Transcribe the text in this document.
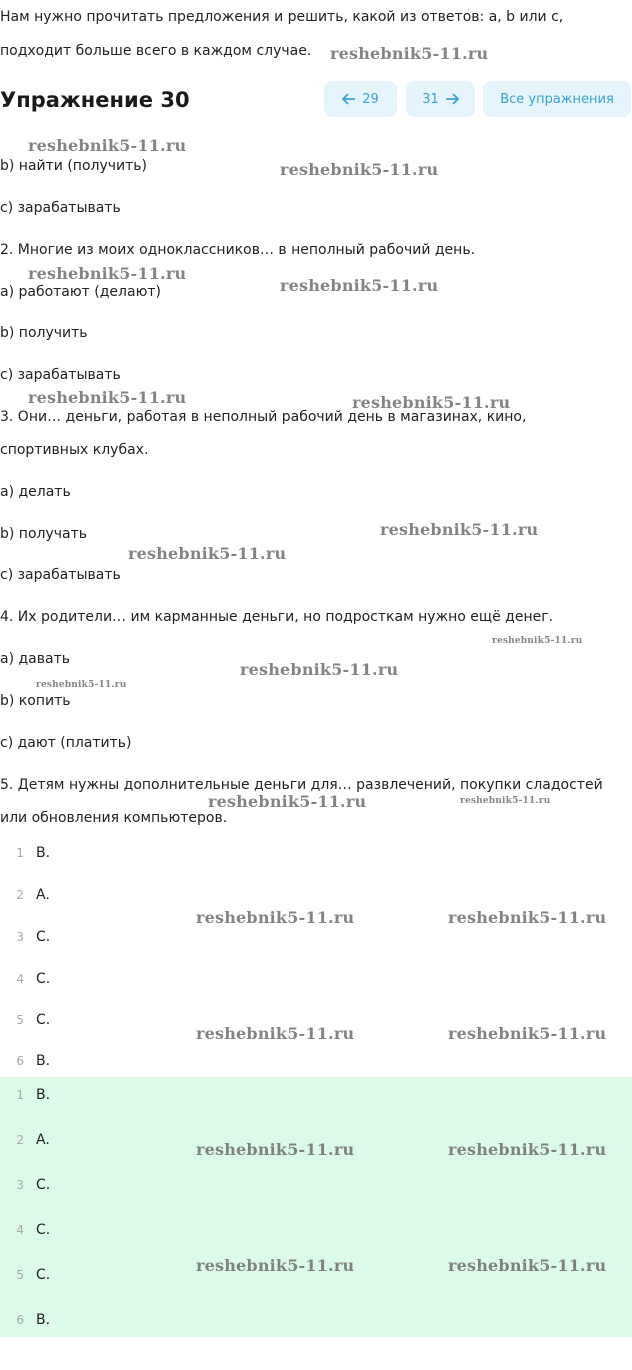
Нам нужно прочитать предложения и решить, какой из ответов: a, b или c,
подходит больше всего в каждом случае.
Упражнение 30	29	31	Все упражнения
b) найти (получить)
c) зарабатывать
2. Многие из моих одноклассников… в неполный рабочий день.
a) работают (делают)
b) получить
c) зарабатывать
3. Они… деньги, работая в неполный рабочий день в магазинах, кино,
спортивных клубах.
a) делать
b) получать
c) зарабатывать
4. Их родители… им карманные деньги, но подросткам нужно ещё денег.
a) давать
b) копить
c) дают (платить)
5. Детям нужны дополнительные деньги для… развлечений, покупки сладостей
или обновления компьютеров.
1 B.
2 A.
3 C.
4 C.
5 C.
6 B.
1 B.
2 A.
3 C.
4 C.
5 C.
6 B.
reshebnik5-11.ru
reshebnik5-11.ru
reshebnik5-11.ru
reshebnik5-11.ru
reshebnik5-11.ru
reshebnik5-11.ru	reshebnik5-11.ru
reshebnik5-11.ru
reshebnik5-11.ru
reshebnik5-11.ru
reshebnik5-11.ru
reshebnik5-11.ru
reshebnik5-11.ru	reshebnik5-11.ru
reshebnik5-11.ru	reshebnik5-11.ru
reshebnik5-11.ru	reshebnik5-11.ru
reshebnik5-11.ru	reshebnik5-11.ru
reshebnik5-11.ru	reshebnik5-11.ru
